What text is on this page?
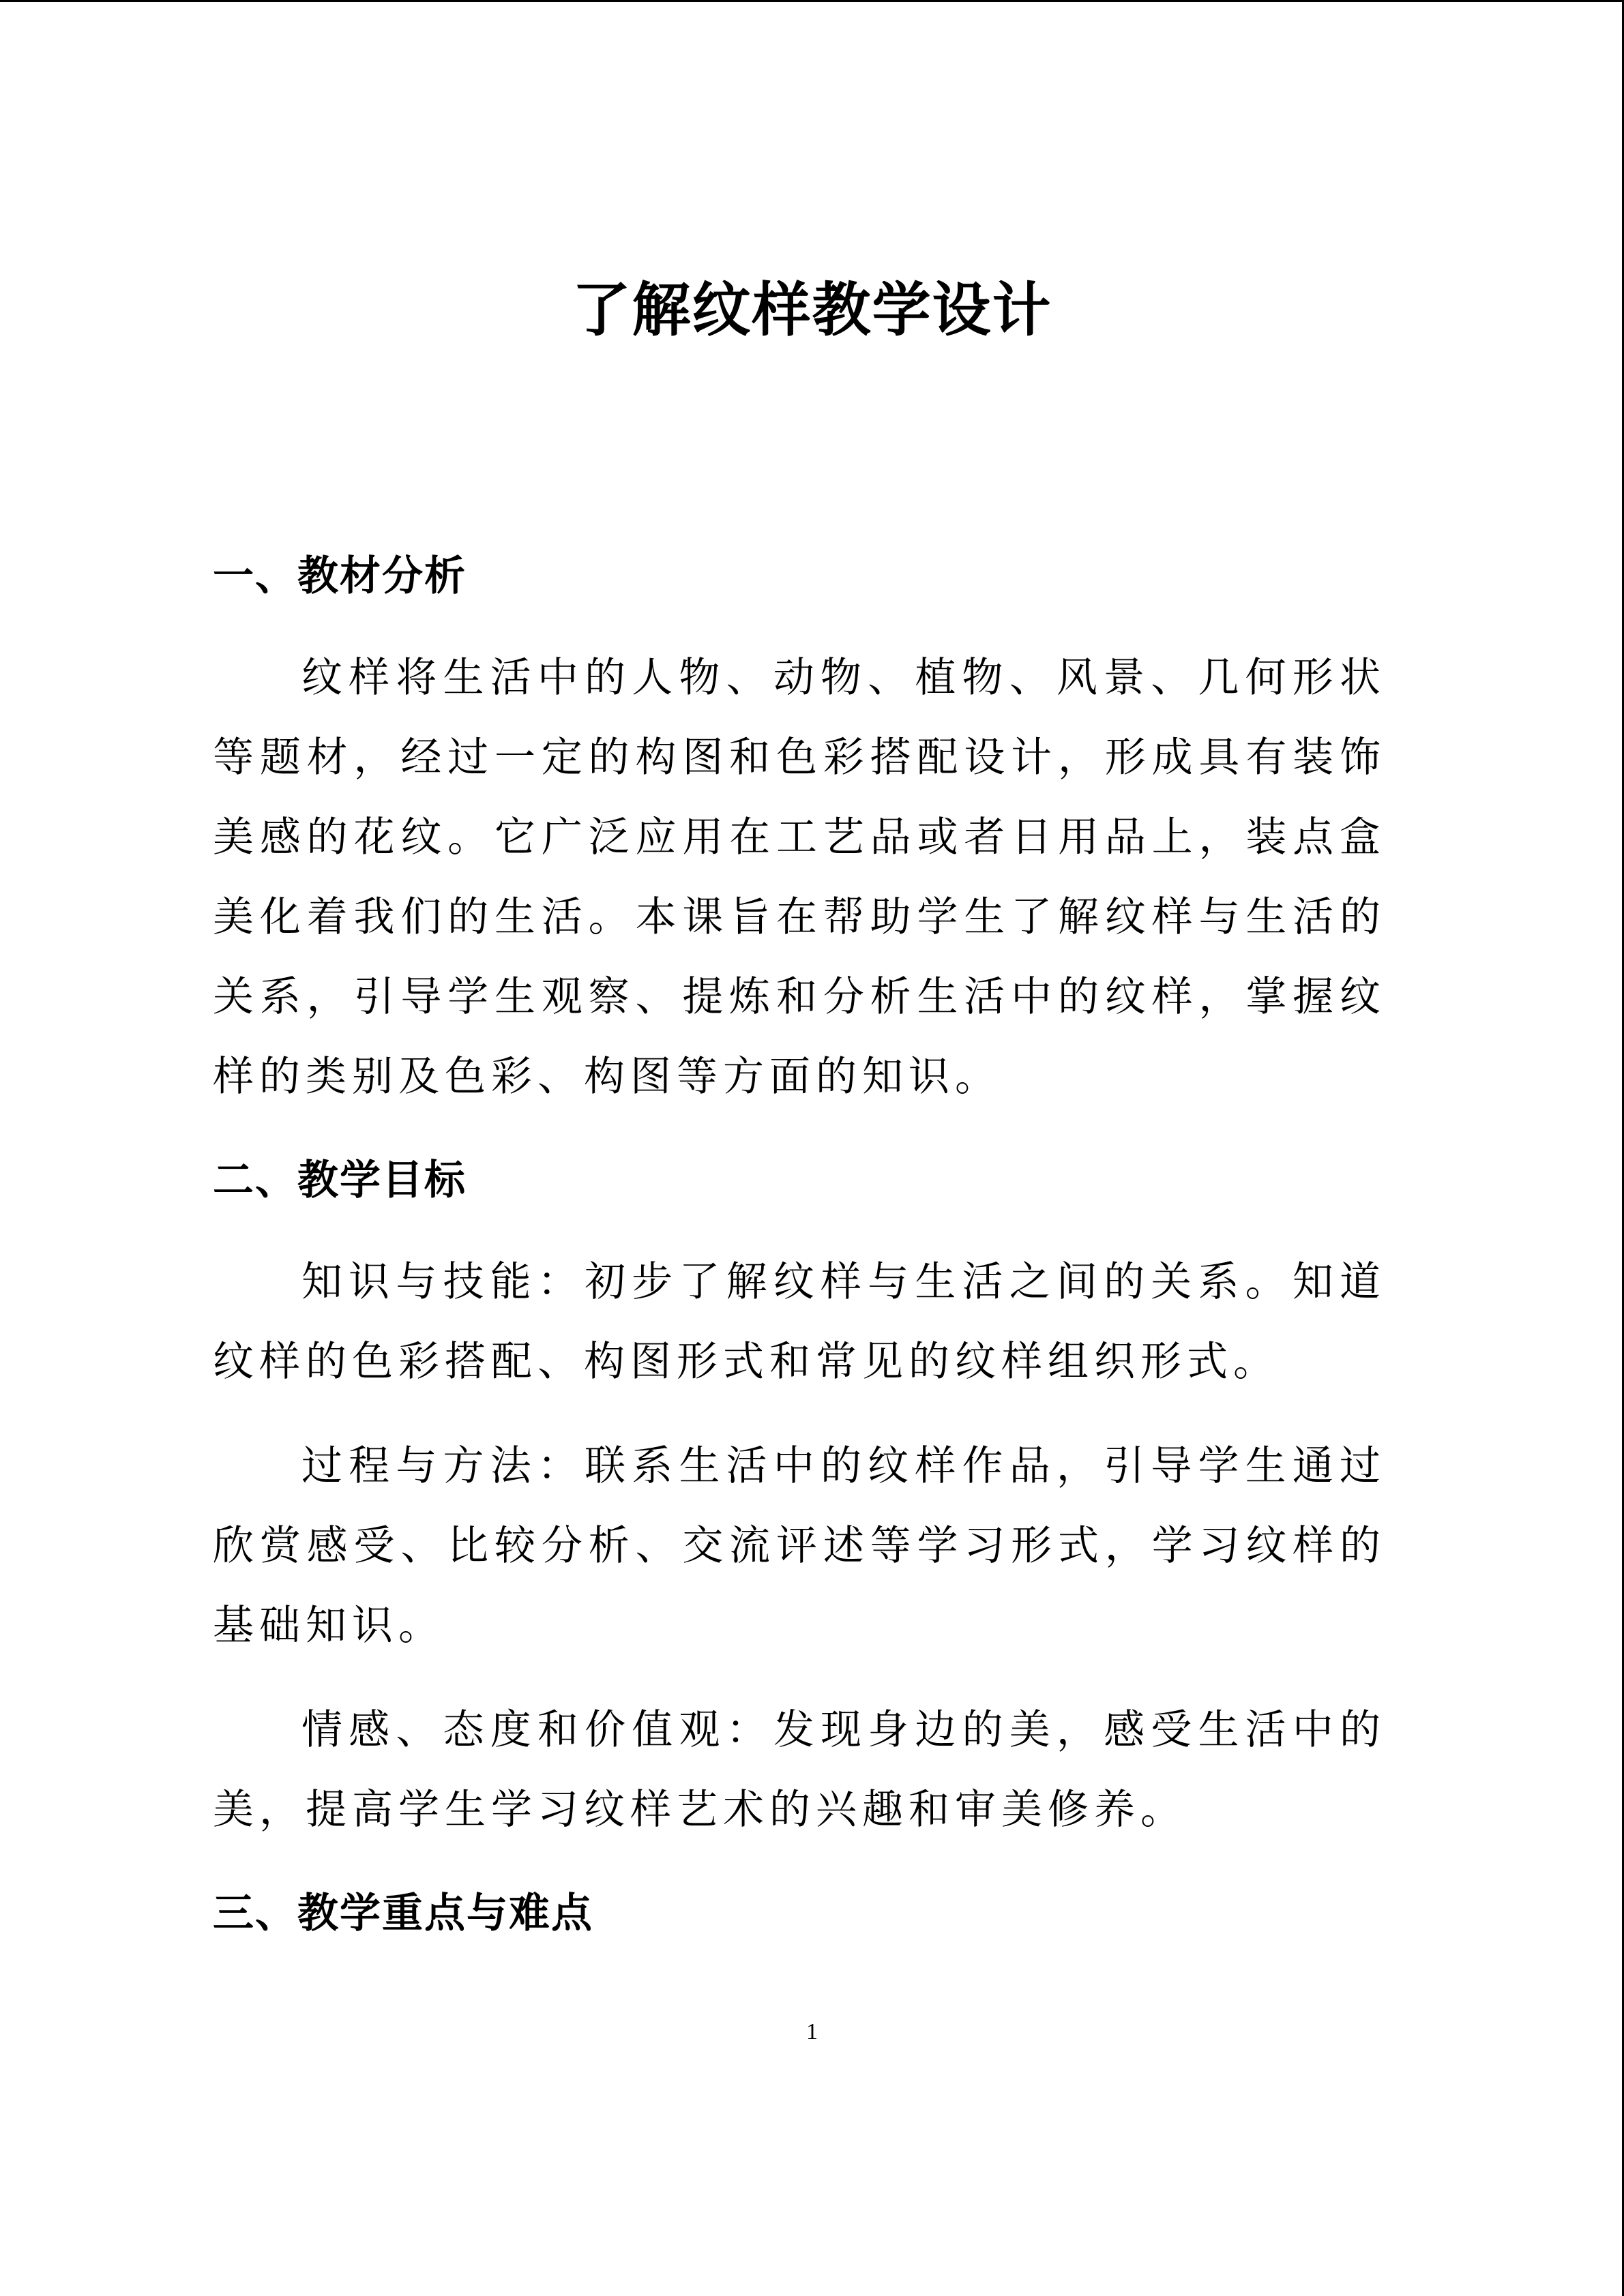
了解纹样教学设计
一、教材分析

纹样将生活中的人物、动物、植物、风景、几何形状等题材，经过一定的构图和色彩搭配设计，形成具有装饰美感的花纹。它广泛应用在工艺品或者日用品上，装点盒美化着我们的生活。本课旨在帮助学生了解纹样与生活的关系，引导学生观察、提炼和分析生活中的纹样，掌握纹样的类别及色彩、构图等方面的知识。

二、教学目标

知识与技能：初步了解纹样与生活之间的关系。知道纹样的色彩搭配、构图形式和常见的纹样组织形式。

过程与方法：联系生活中的纹样作品，引导学生通过欣赏感受、比较分析、交流评述等学习形式，学习纹样的基础知识。

情感、态度和价值观：发现身边的美，感受生活中的美，提高学生学习纹样艺术的兴趣和审美修养。

三、教学重点与难点
1
